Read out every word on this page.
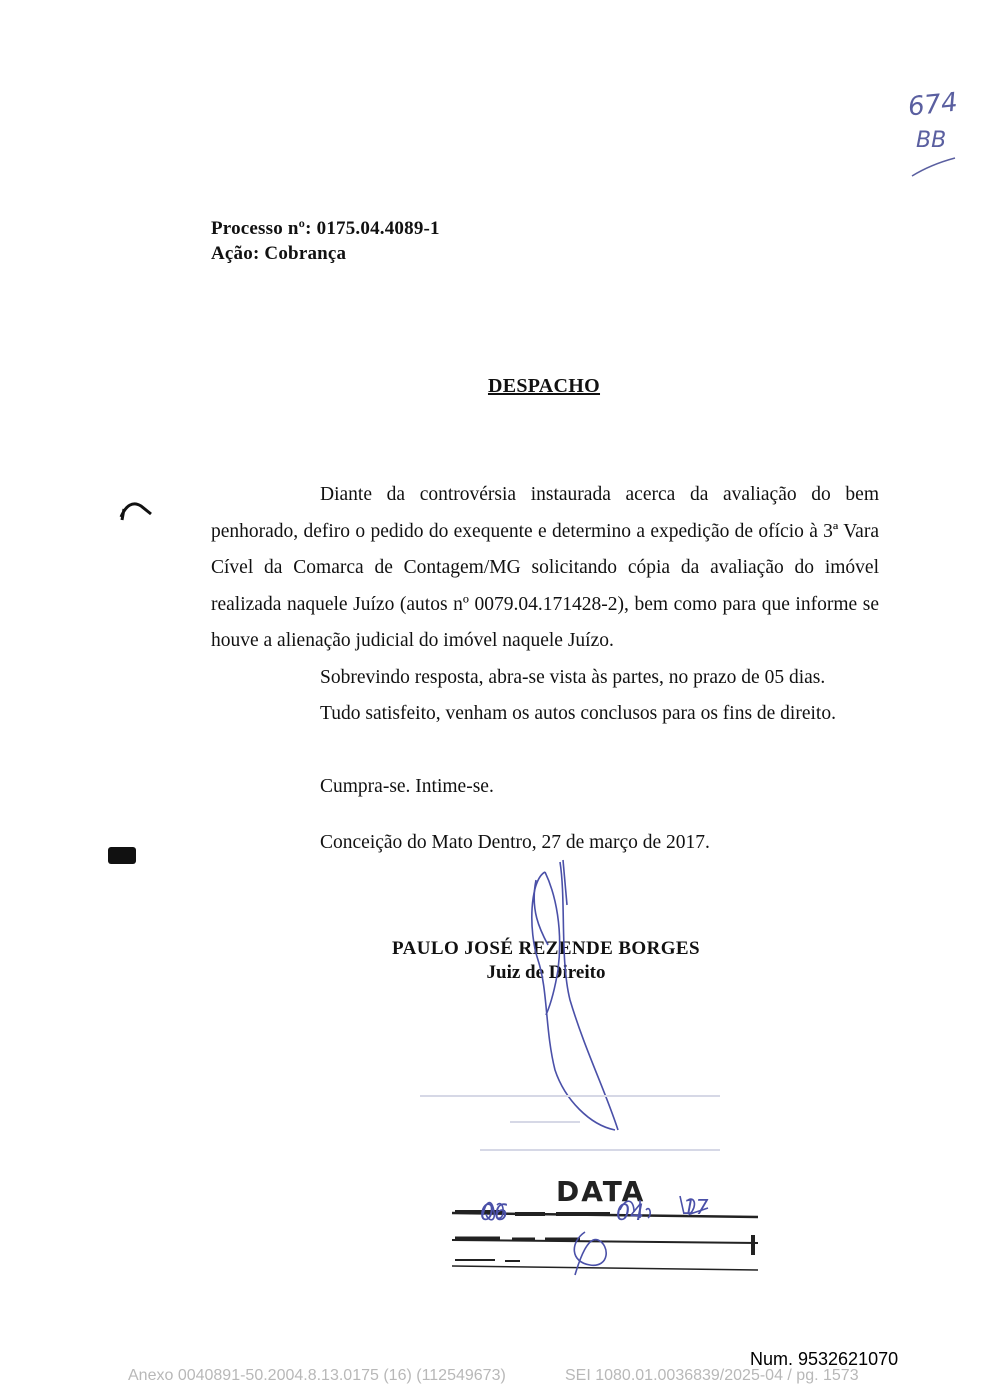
Processo nº: 0175.04.4089-1
Ação: Cobrança
674
BB
DESPACHO
Diante da controvérsia instaurada acerca da avaliação do bem penhorado, defiro o pedido do exequente e determino a expedição de ofício à 3ª Vara Cível da Comarca de Contagem/MG solicitando cópia da avaliação do imóvel realizada naquele Juízo (autos nº 0079.04.171428-2), bem como para que informe se houve a alienação judicial do imóvel naquele Juízo.
Sobrevindo resposta, abra-se vista às partes, no prazo de 05 dias.
Tudo satisfeito, venham os autos conclusos para os fins de direito.
Cumpra-se. Intime-se.
Conceição do Mato Dentro, 27 de março de 2017.
PAULO JOSÉ REZENDE BORGES
Juiz de Direito
DATA
06	04 17
Num. 9532621070
Anexo 0040891-50.2004.8.13.0175 (16) (112549673)	SEI 1080.01.0036839/2025-04 / pg. 1573
